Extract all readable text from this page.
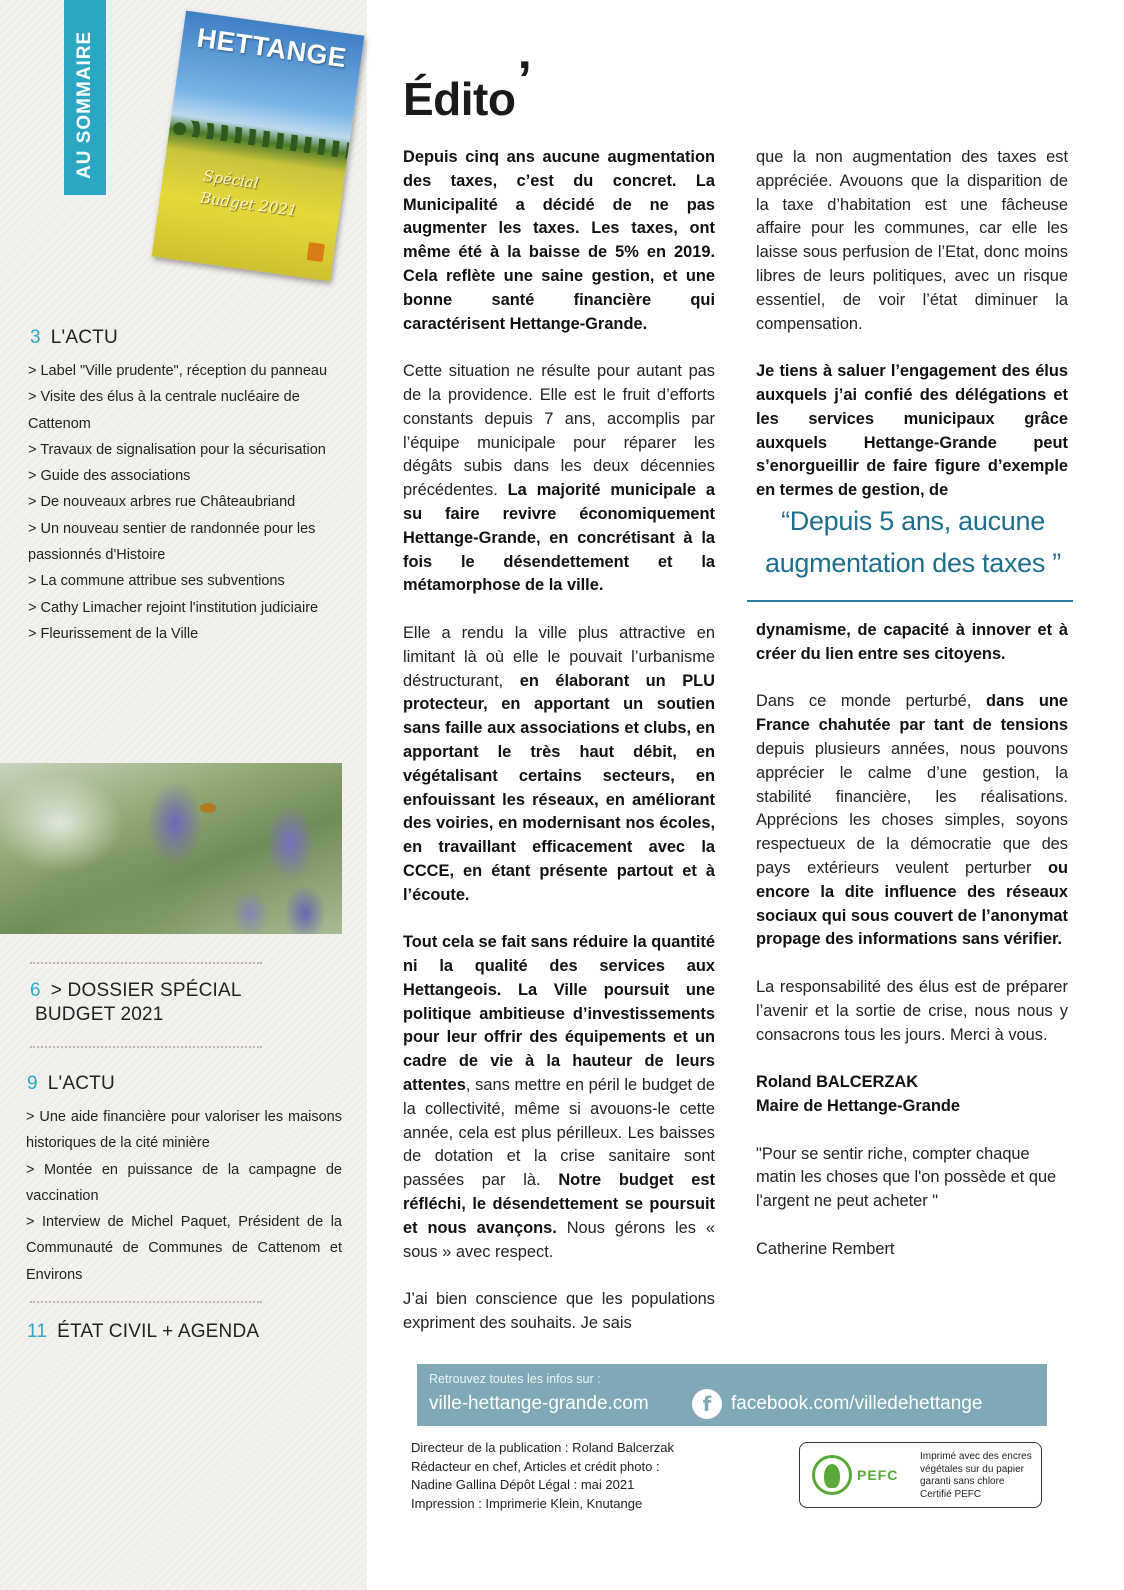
AU SOMMAIRE	HETTANGE
Spécial
Budget 2021
3 L'ACTU
> Label "Ville prudente", réception du panneau
> Visite des élus à la centrale nucléaire de Cattenom
> Travaux de signalisation pour la sécurisation
> Guide des associations
> De nouveaux arbres rue Châteaubriand
> Un nouveau sentier de randonnée pour les passionnés d'Histoire
> La commune attribue ses subventions
> Cathy Limacher rejoint l'institution judiciaire
> Fleurissement de la Ville
6 > DOSSIER SPÉCIAL
BUDGET 2021
9 L'ACTU
> Une aide financière pour valoriser les maisons historiques de la cité minière
> Montée en puissance de la campagne de vaccination
> Interview de Michel Paquet, Président de la Communauté de Communes de Cattenom et Environs
11 ÉTAT CIVIL + AGENDA
Édito’

Depuis cinq ans aucune augmentation des taxes, c’est du concret. La Municipalité a décidé de ne pas augmenter les taxes. Les taxes, ont même été à la baisse de 5% en 2019. Cela reflète une saine gestion, et une bonne santé financière qui caractérisent Hettange-Grande.

Cette situation ne résulte pour autant pas de la providence. Elle est le fruit d’efforts constants depuis 7 ans, accomplis par l’équipe municipale pour réparer les dégâts subis dans les deux décennies précédentes. La majorité municipale a su faire revivre économiquement Hettange-Grande, en concrétisant à la fois le désendettement et la métamorphose de la ville.

Elle a rendu la ville plus attractive en limitant là où elle le pouvait l’urbanisme déstructurant, en élaborant un PLU protecteur, en apportant un soutien sans faille aux associations et clubs, en apportant le très haut débit, en végétalisant certains secteurs, en enfouissant les réseaux, en améliorant des voiries, en modernisant nos écoles, en travaillant efficacement avec la CCCE, en étant présente partout et à l’écoute.

Tout cela se fait sans réduire la quantité ni la qualité des services aux Hettangeois. La Ville poursuit une politique ambitieuse d’investissements pour leur offrir des équipements et un cadre de vie à la hauteur de leurs attentes, sans mettre en péril le budget de la collectivité, même si avouons-le cette année, cela est plus périlleux. Les baisses de dotation et la crise sanitaire sont passées par là. Notre budget est réfléchi, le désendettement se poursuit et nous avançons. Nous gérons les « sous » avec respect.

J’ai bien conscience que les populations expriment des souhaits. Je sais

que la non augmentation des taxes est appréciée. Avouons que la disparition de la taxe d’habitation est une fâcheuse affaire pour les communes, car elle les laisse sous perfusion de l’Etat, donc moins libres de leurs politiques, avec un risque essentiel, de voir l’état diminuer la compensation.

Je tiens à saluer l’engagement des élus auxquels j’ai confié des délégations et les services municipaux grâce auxquels Hettange-Grande peut s’enorgueillir de faire figure d’exemple en termes de gestion, de

“Depuis 5 ans, aucune augmentation des taxes ”

dynamisme, de capacité à innover et à créer du lien entre ses citoyens.

Dans ce monde perturbé, dans une France chahutée par tant de tensions depuis plusieurs années, nous pouvons apprécier le calme d’une gestion, la stabilité financière, les réalisations. Apprécions les choses simples, soyons respectueux de la démocratie que des pays extérieurs veulent perturber ou encore la dite influence des réseaux sociaux qui sous couvert de l’anonymat propage des informations sans vérifier.

La responsabilité des élus est de préparer l’avenir et la sortie de crise, nous nous y consacrons tous les jours. Merci à vous.

Roland BALCERZAK
Maire de Hettange-Grande

"Pour se sentir riche, compter chaque matin les choses que l'on possède et que l'argent ne peut acheter "

Catherine Rembert

Retrouvez toutes les infos sur :
ville-hettange-grande.com	f	facebook.com/villedehettange
Directeur de la publication : Roland Balcerzak
Rédacteur en chef, Articles et crédit photo :
Nadine Gallina Dépôt Légal : mai 2021
Impression : Imprimerie Klein, Knutange
PEFC
Imprimé avec des encres végétales sur du papier garanti sans chlore Certifié PEFC
